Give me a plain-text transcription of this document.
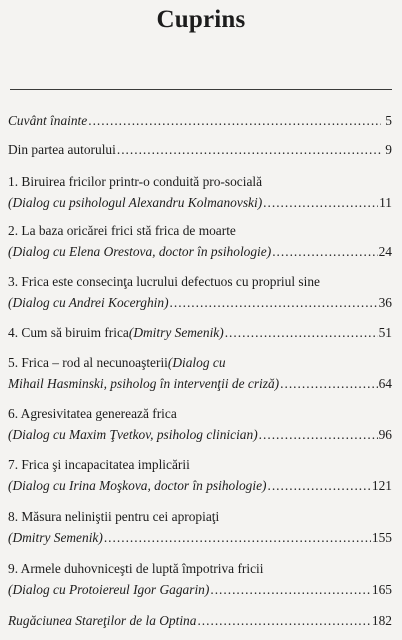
Cuprins
Cuvânt înainte .....	5
Din partea autorului .....	9
1. Biruirea fricilor printr-o conduită pro-socială
(Dialog cu psihologul Alexandru Kolmanovski) .....	11
2. La baza oricărei frici stă frica de moarte
(Dialog cu Elena Orestova, doctor în psihologie) .....	24
3. Frica este consecinţa lucrului defectuos cu propriul sine
(Dialog cu Andrei Kocerghin) .....	36
4. Cum să biruim frica (Dmitry Semenik) .....	51
5. Frica – rod al necunoaşterii (Dialog cu
Mihail Hasminski, psiholog în intervenţii de criză) .....	64
6. Agresivitatea generează frica
(Dialog cu Maxim Ţvetkov, psiholog clinician) .....	96
7. Frica şi incapacitatea implicării
(Dialog cu Irina Moşkova, doctor în psihologie) .....	121
8. Măsura neliniştii pentru cei apropiaţi
(Dmitry Semenik) .....	155
9. Armele duhovniceşti de luptă împotriva fricii
(Dialog cu Protoiereul Igor Gagarin) .....	165
Rugăciunea Stareţilor de la Optina .....	182
